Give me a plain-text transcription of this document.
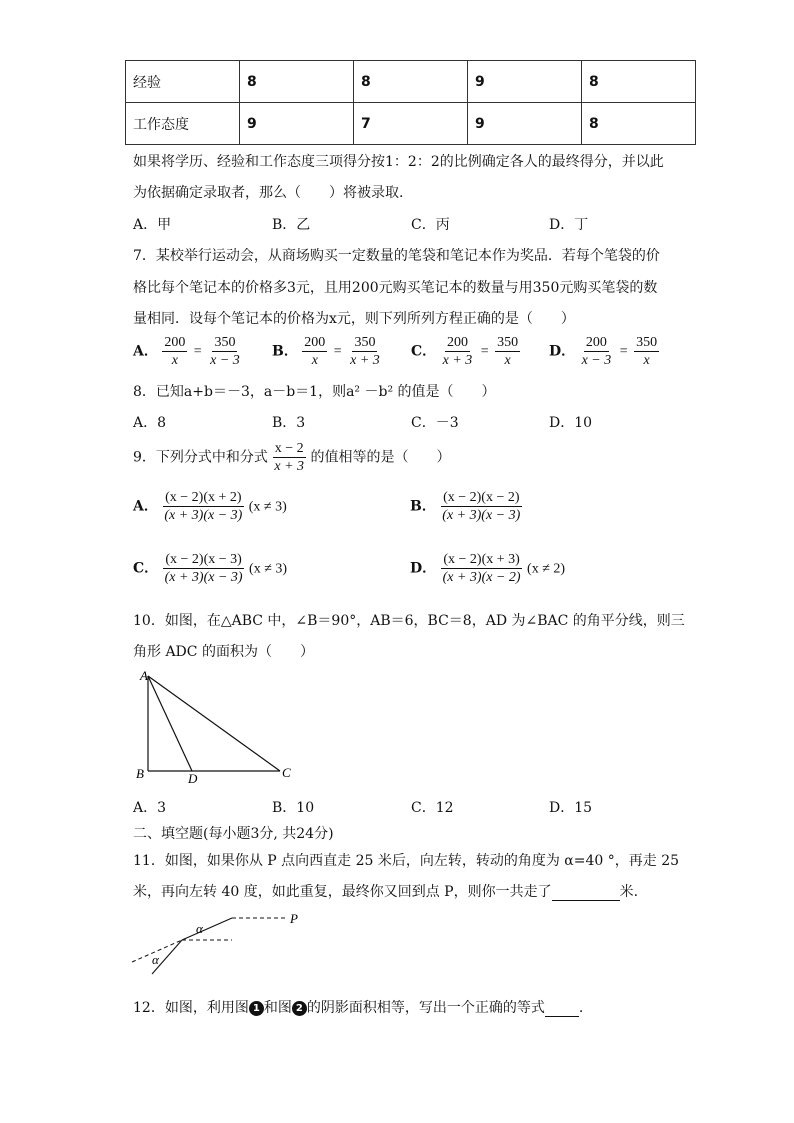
经验	8	8	9	8
工作态度	9	7	9	8
如果将学历、经验和工作态度三项得分按1：2：2的比例确定各人的最终得分，并以此
为依据确定录取者，那么（　　）将被录取.
A．甲	B．乙	C．丙	D．丁
7．某校举行运动会，从商场购买一定数量的笔袋和笔记本作为奖品．若每个笔袋的价
格比每个笔记本的价格多3元，且用200元购买笔记本的数量与用350元购买笔袋的数
量相同．设每个笔记本的价格为x元，则下列所列方程正确的是（　　）
A． $\frac{200}{x} = \frac{350}{x - 3}$ B． $\frac{200}{x} = \frac{350}{x + 3}$ C． $\frac{200}{x + 3} = \frac{350}{x}$ D． $\frac{200}{x - 3} = \frac{350}{x}$
8．已知a+b＝－3，a－b＝1，则a² －b² 的值是（　　）
A．8	B．3	C．－3	D．10
9．下列分式中和分式 $\frac{x - 2}{x + 3}$ 的值相等的是（　　）
A． $\frac{(x - 2)(x + 2)}{(x + 3)(x - 3)} (x \ne 3)$	B． $\frac{(x - 2)(x - 2)}{(x + 3)(x - 3)}$
C． $\frac{(x - 2)(x - 3)}{(x + 3)(x - 3)} (x \ne 3)$	D． $\frac{(x - 2)(x + 3)}{(x + 3)(x - 2)} (x \ne 2)$
10．如图，在△ABC 中，∠B＝90°，AB＝6，BC＝8，AD 为∠BAC 的角平分线，则三
角形 ADC 的面积为（　　）
A
B	C
D
A．3	B．10	C．12	D．15
二、填空题(每小题3分, 共24分)
11．如图，如果你从 P 点向西直走 25 米后，向左转，转动的角度为 α=40 °，再走 25
米，再向左转 40 度，如此重复，最终你又回到点 P，则你一共走了	米.
P
α
α
12．如图，利用图 1 和图 2 的阴影面积相等，写出一个正确的等式 .
